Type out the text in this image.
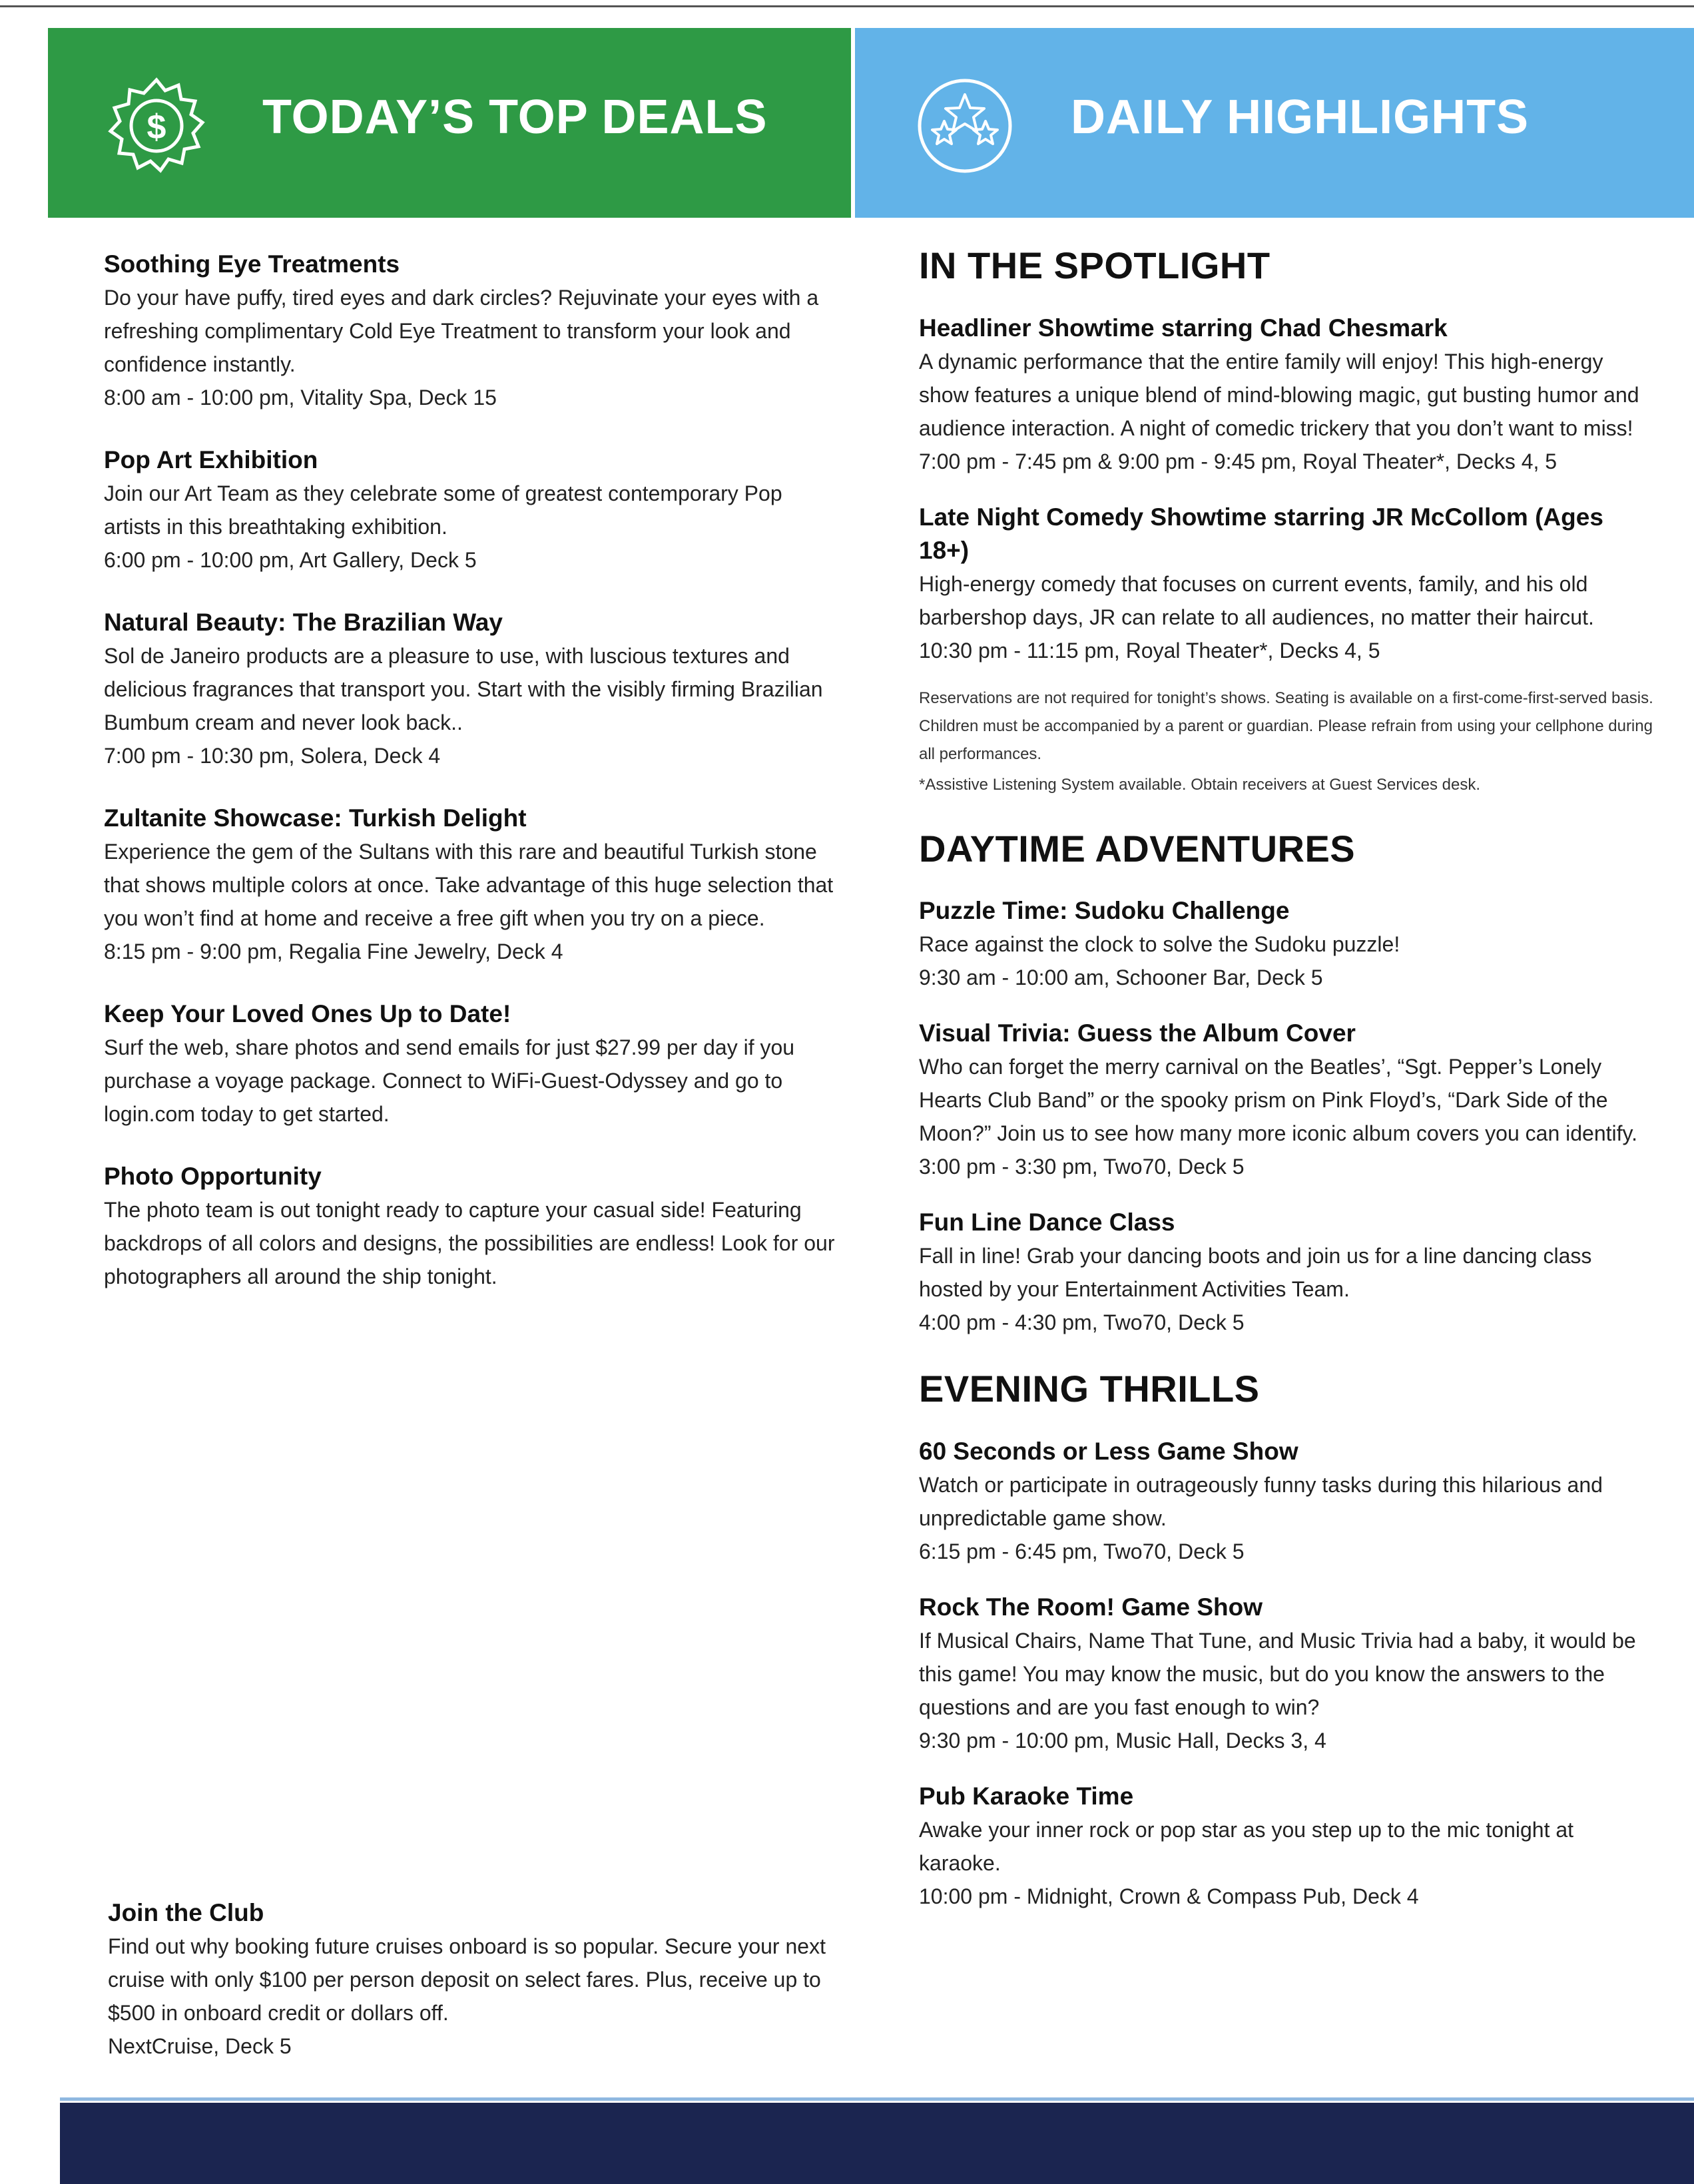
$ TODAY’S TOP DEALS	DAILY HIGHLIGHTS
Soothing Eye Treatments
Do your have puffy, tired eyes and dark circles? Rejuvinate your eyes with a refreshing complimentary Cold Eye Treatment to transform your look and confidence instantly.
8:00 am - 10:00 pm, Vitality Spa, Deck 15
Pop Art Exhibition
Join our Art Team as they celebrate some of greatest contemporary Pop artists in this breathtaking exhibition.
6:00 pm - 10:00 pm, Art Gallery, Deck 5
Natural Beauty: The Brazilian Way
Sol de Janeiro products are a pleasure to use, with luscious textures and delicious fragrances that transport you. Start with the visibly firming Brazilian Bumbum cream and never look back..
7:00 pm - 10:30 pm, Solera, Deck 4
Zultanite Showcase: Turkish Delight
Experience the gem of the Sultans with this rare and beautiful Turkish stone that shows multiple colors at once. Take advantage of this huge selection that you won’t find at home and receive a free gift when you try on a piece.
8:15 pm - 9:00 pm, Regalia Fine Jewelry, Deck 4
Keep Your Loved Ones Up to Date!
Surf the web, share photos and send emails for just $27.99 per day if you purchase a voyage package. Connect to WiFi-Guest-Odyssey and go to login.com today to get started.
Photo Opportunity
The photo team is out tonight ready to capture your casual side! Featuring backdrops of all colors and designs, the possibilities are endless! Look for our photographers all around the ship tonight.
Join the Club
Find out why booking future cruises onboard is so popular. Secure your next cruise with only $100 per person deposit on select fares. Plus, receive up to $500 in onboard credit or dollars off.
NextCruise, Deck 5
IN THE SPOTLIGHT
Headliner Showtime starring Chad Chesmark
A dynamic performance that the entire family will enjoy! This high-energy show features a unique blend of mind-blowing magic, gut busting humor and audience interaction. A night of comedic trickery that you don’t want to miss!
7:00 pm - 7:45 pm & 9:00 pm - 9:45 pm, Royal Theater*, Decks 4, 5
Late Night Comedy Showtime starring JR McCollom (Ages 18+)
High-energy comedy that focuses on current events, family, and his old barbershop days, JR can relate to all audiences, no matter their haircut.
10:30 pm - 11:15 pm, Royal Theater*, Decks 4, 5
Reservations are not required for tonight’s shows. Seating is available on a first-come-first-served basis. Children must be accompanied by a parent or guardian. Please refrain from using your cellphone during all performances.
*Assistive Listening System available. Obtain receivers at Guest Services desk.
DAYTIME ADVENTURES
Puzzle Time: Sudoku Challenge
Race against the clock to solve the Sudoku puzzle!
9:30 am - 10:00 am, Schooner Bar, Deck 5
Visual Trivia: Guess the Album Cover
Who can forget the merry carnival on the Beatles’, “Sgt. Pepper’s Lonely Hearts Club Band” or the spooky prism on Pink Floyd’s, “Dark Side of the Moon?” Join us to see how many more iconic album covers you can identify.
3:00 pm - 3:30 pm, Two70, Deck 5
Fun Line Dance Class
Fall in line! Grab your dancing boots and join us for a line dancing class hosted by your Entertainment Activities Team.
4:00 pm - 4:30 pm, Two70, Deck 5
EVENING THRILLS
60 Seconds or Less Game Show
Watch or participate in outrageously funny tasks during this hilarious and unpredictable game show.
6:15 pm - 6:45 pm, Two70, Deck 5
Rock The Room! Game Show
If Musical Chairs, Name That Tune, and Music Trivia had a baby, it would be this game! You may know the music, but do you know the answers to the questions and are you fast enough to win?
9:30 pm - 10:00 pm, Music Hall, Decks 3, 4
Pub Karaoke Time
Awake your inner rock or pop star as you step up to the mic tonight at karaoke.
10:00 pm - Midnight, Crown & Compass Pub, Deck 4
